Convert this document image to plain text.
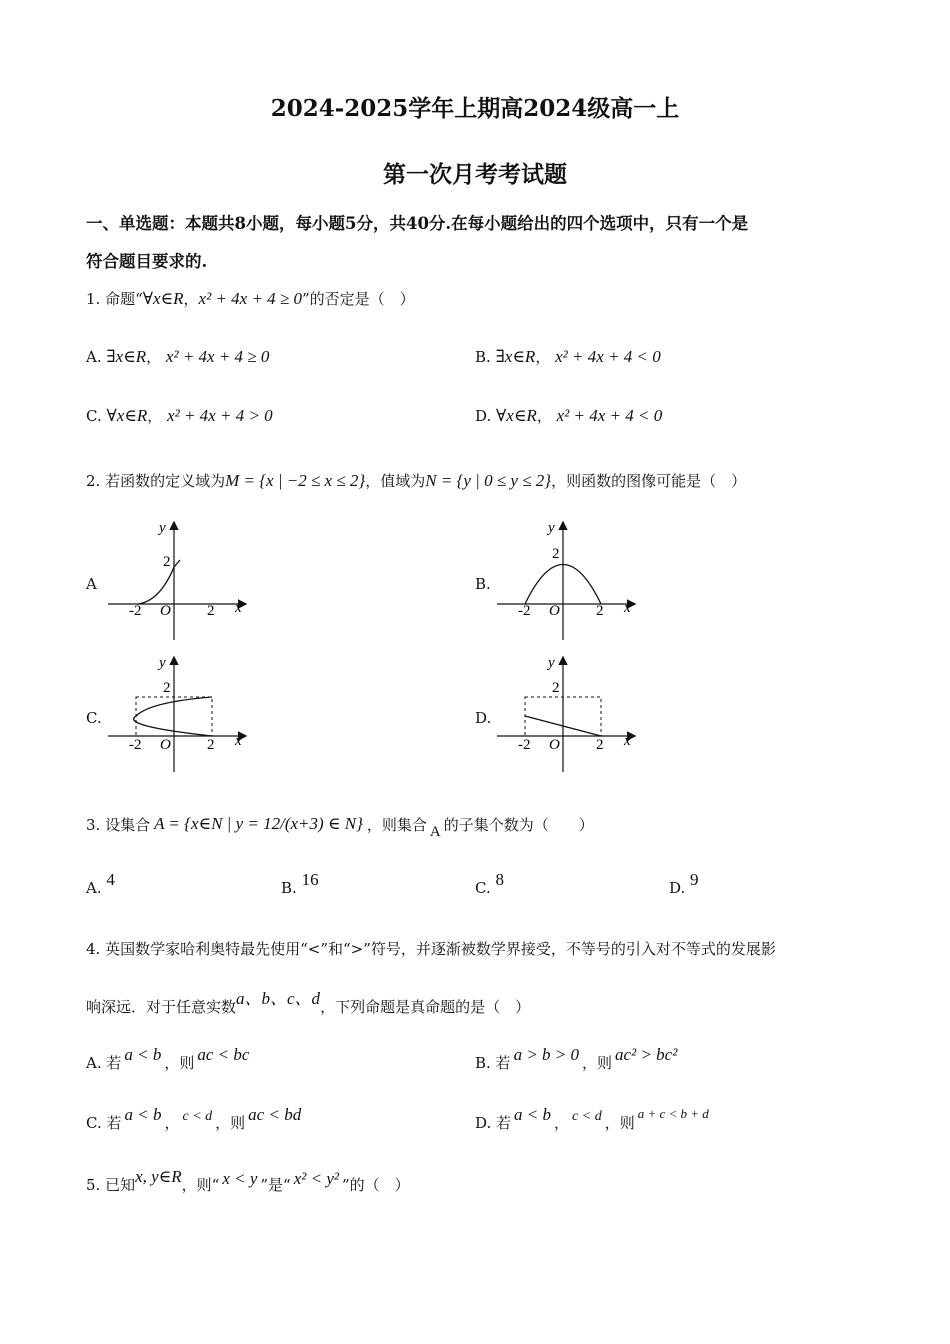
2024-2025学年上期高2024级高一上
第一次月考考试题
一、单选题：本题共8小题，每小题5分，共40分.在每小题给出的四个选项中，只有一个是
符合题目要求的.
1. 命题“∀x∈R，x² + 4x + 4 ≥ 0”的否定是（　）
A. ∃x∈R， x² + 4x + 4 ≥ 0	B. ∃x∈R， x² + 4x + 4 < 0
C. ∀x∈R， x² + 4x + 4 > 0	D. ∀x∈R， x² + 4x + 4 < 0
2. 若函数的定义域为M = {x | −2 ≤ x ≤ 2}，值域为N = {y | 0 ≤ y ≤ 2}，则函数的图像可能是（　）
A	B.
C.	D.
y
x
O
-2	2
2
y
x
O
-2	2
2
y
x
O
-2	2
2
y
x
O
-2	2
2
3. 设集合 A = {x∈N | y = 12/(x+3) ∈ N} ，则集合 A 的子集个数为（　　）
A. 4	B. 16	C. 8	D. 9
4. 英国数学家哈利奥特最先使用“<”和“>”符号，并逐渐被数学界接受，不等号的引入对不等式的发展影
响深远．对于任意实数a、b、c、d，下列命题是真命题的是（　）
A. 若 a < b ，则 ac < bc	B. 若 a > b > 0 ，则 ac² > bc²
C. 若 a < b ， c < d ，则 ac < bd	D. 若 a < b ， c < d ，则a + c < b + d
5. 已知x, y∈R，则“ x < y ”是“ x² < y² ”的（　）
